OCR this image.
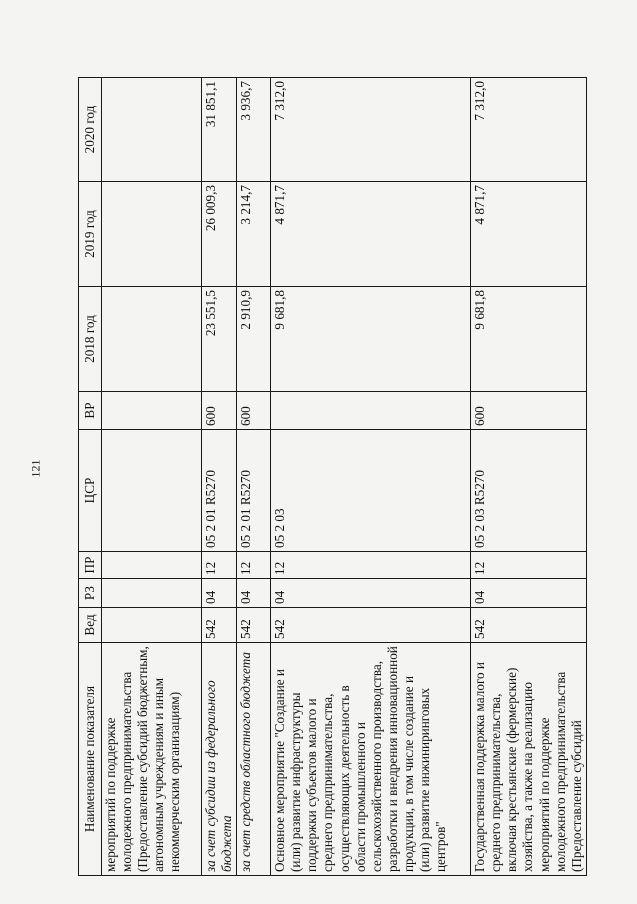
121
Наименование показателя	Вед	РЗ	ПР	ЦСР	ВР	2018 год	2019 год	2020 год
мероприятий по поддержке молодежного предпринимательства (Предоставление субсидий бюджетным, автономным учреждениям и иным некоммерческим организациям)								
за счет субсидии из федерального бюджета	542	04	12	05 2 01 R5270	600	23 551,5	26 009,3	31 851,1
за счет средств областного бюджета	542	04	12	05 2 01 R5270	600	2 910,9	3 214,7	3 936,7
Основное мероприятие "Создание и (или) развитие инфраструктуры поддержки субъектов малого и среднего предпринимательства, осуществляющих деятельность в области промышленного и сельскохозяйственного производства, разработки и внедрения инновационной продукции, в том числе создание и (или) развитие инжиниринговых центров"	542	04	12	05 2 03		9 681,8	4 871,7	7 312,0
Государственная поддержка малого и среднего предпринимательства, включая крестьянские (фермерские) хозяйства, а также на реализацию мероприятий по поддержке молодежного предпринимательства (Предоставление субсидий	542	04	12	05 2 03 R5270	600	9 681,8	4 871,7	7 312,0
